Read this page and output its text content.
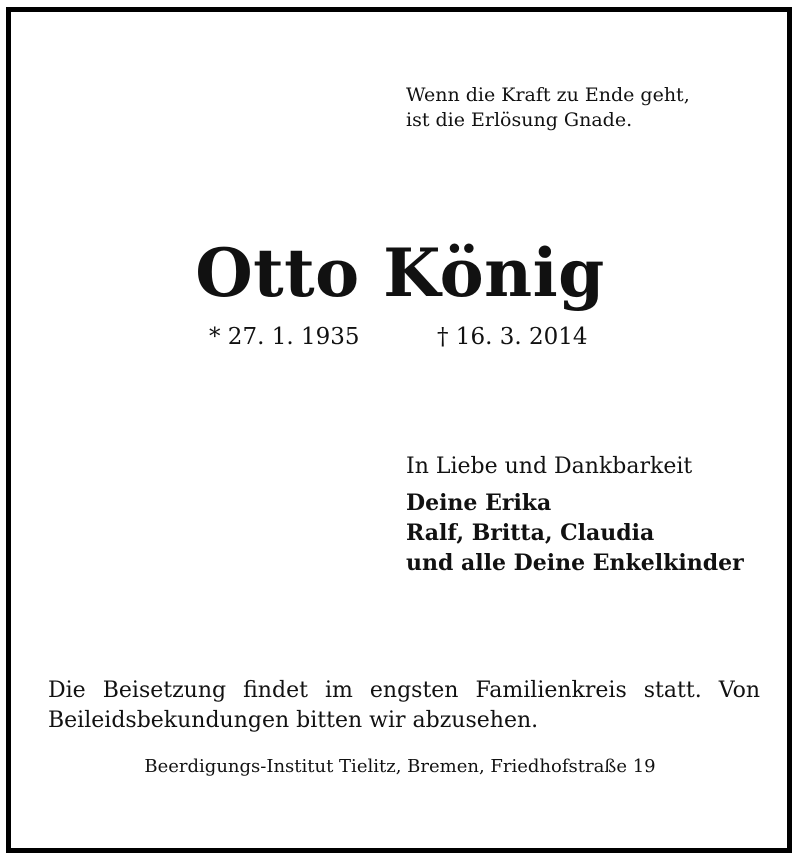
Wenn die Kraft zu Ende geht,
ist die Erlösung Gnade.
Otto König
* 27. 1. 1935	† 16. 3. 2014
In Liebe und Dankbarkeit
Deine Erika
Ralf, Britta, Claudia
und alle Deine Enkelkinder
Die Beisetzung findet im engsten Familienkreis statt. Von
Beileidsbekundungen bitten wir abzusehen.
Beerdigungs-Institut Tielitz, Bremen, Friedhofstraße 19
